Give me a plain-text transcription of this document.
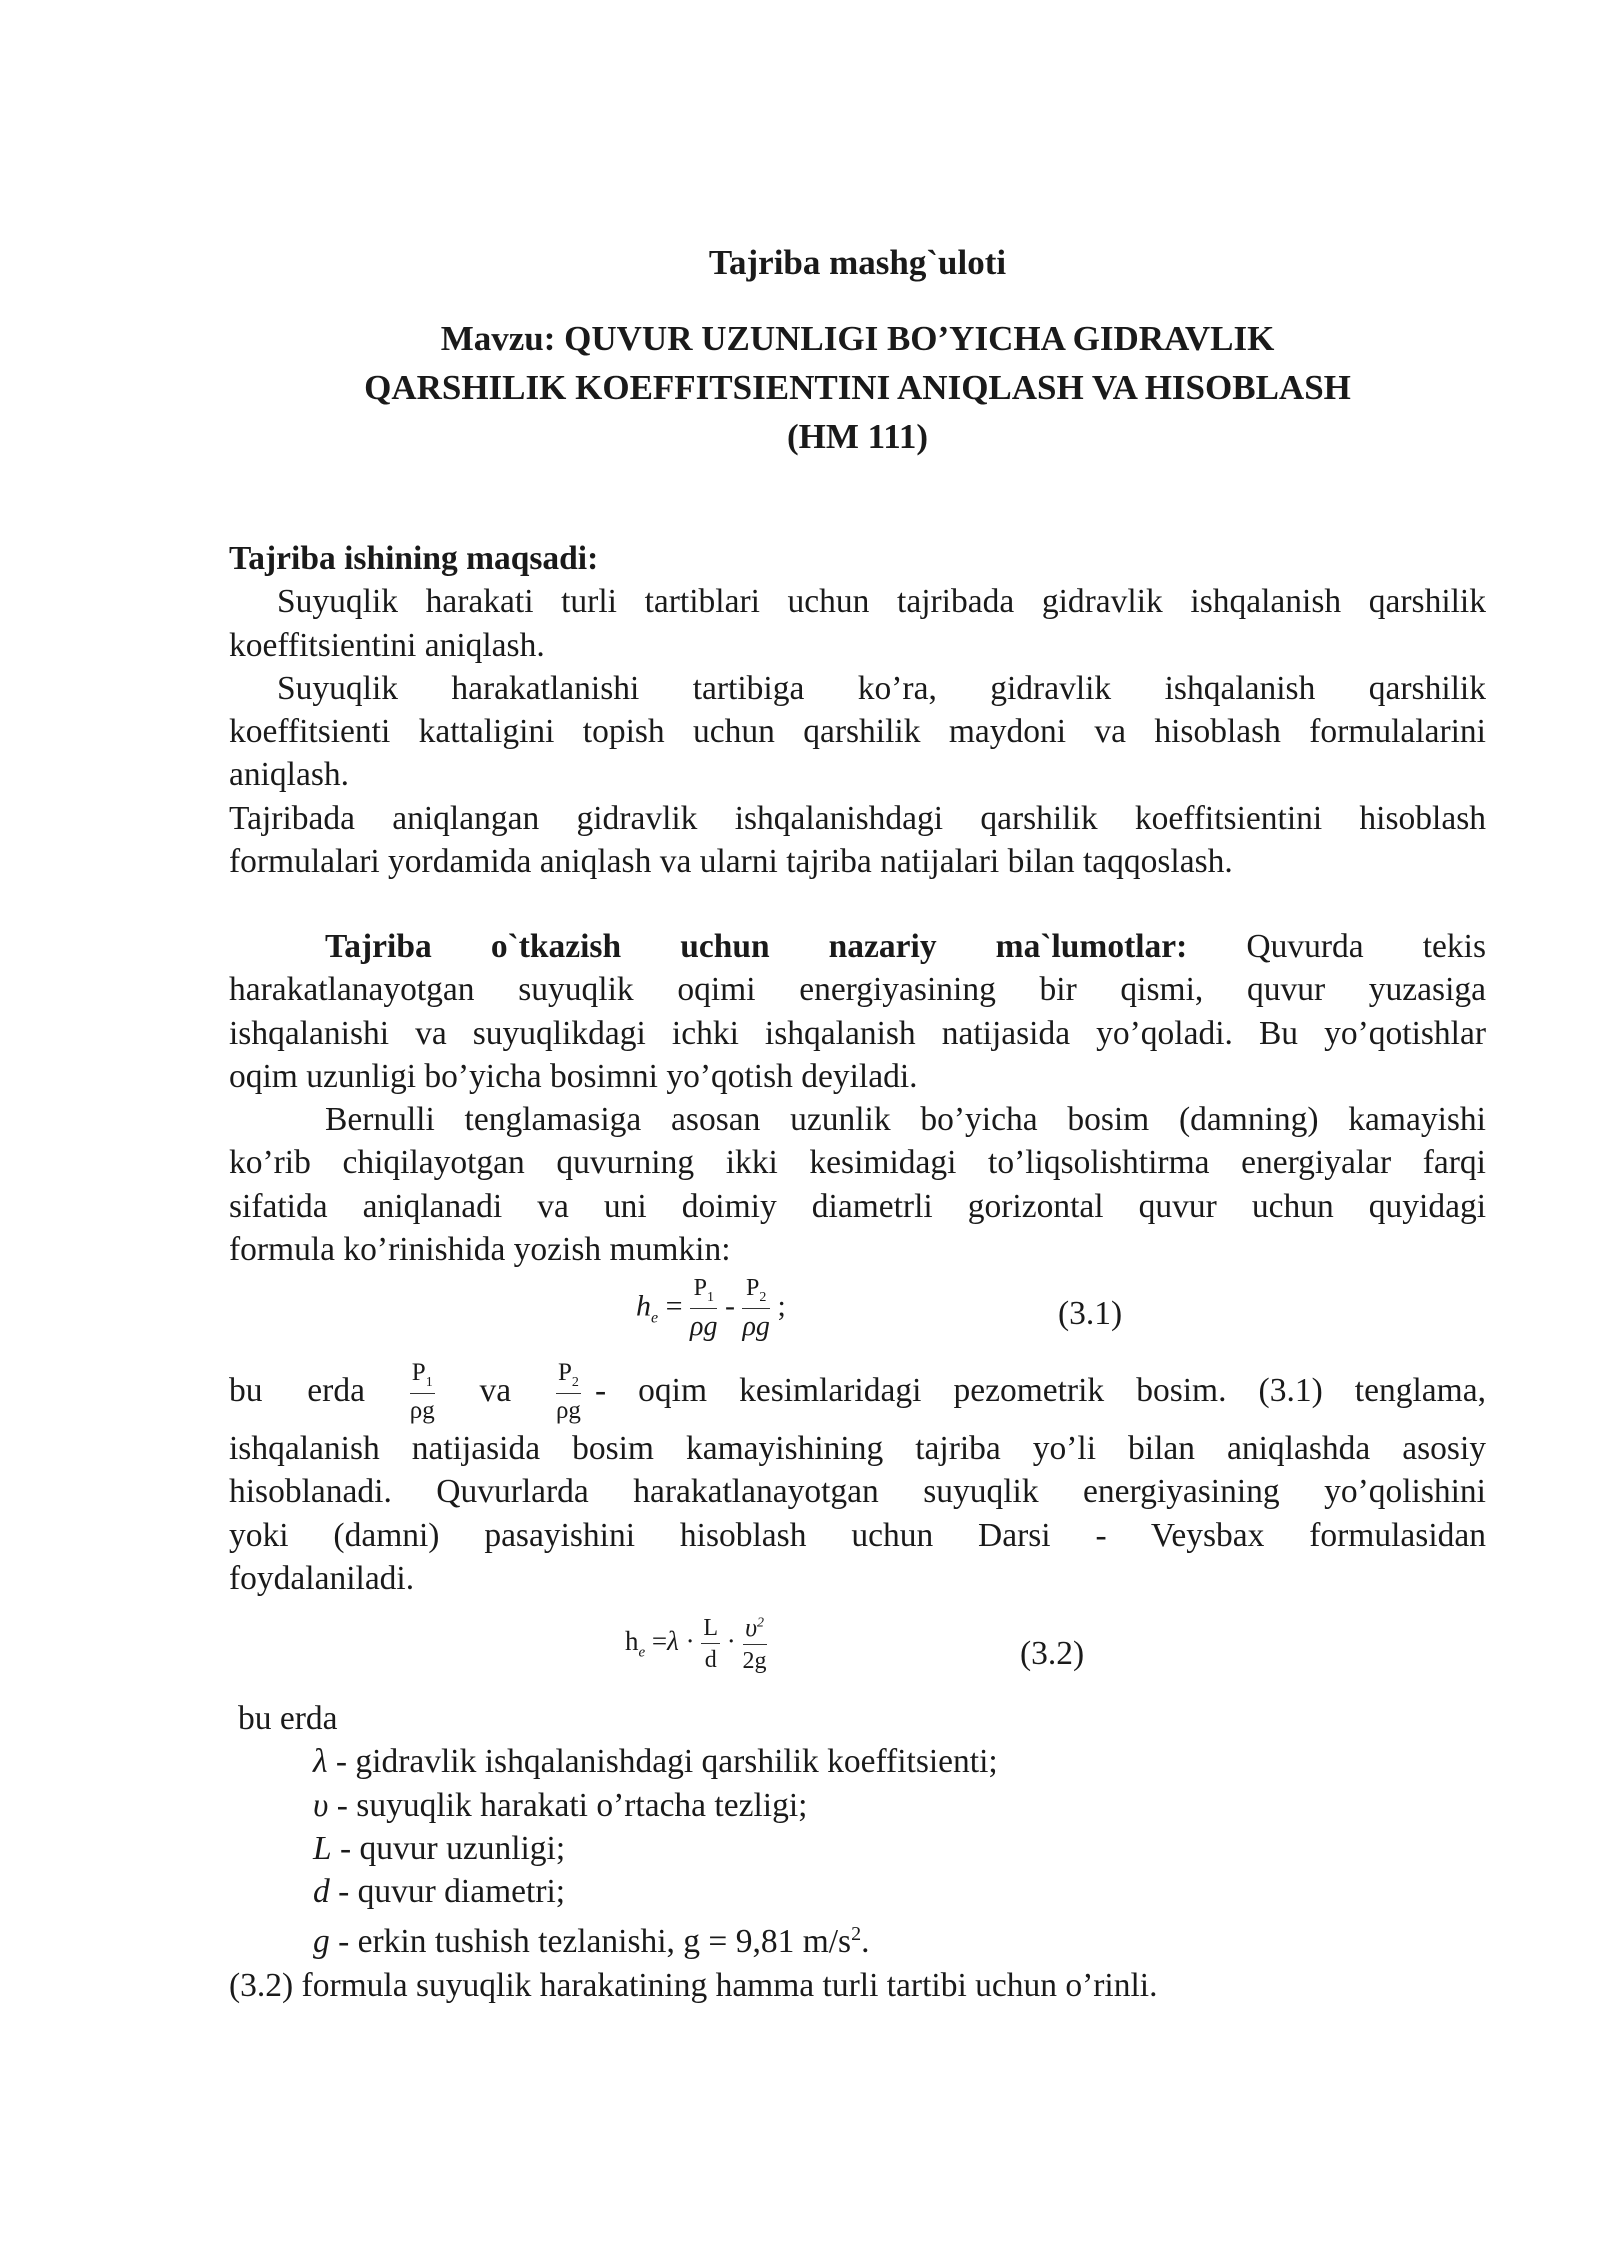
Tajriba mashg`uloti
Mavzu: QUVUR UZUNLIGI BO’YICHA GIDRAVLIK
QARSHILIK KOEFFITSIENTINI ANIQLASH VA HISOBLASH
(HM 111)
Tajriba ishining maqsadi:
Suyuqlik harakati turli tartiblari uchun tajribada gidravlik ishqalanish qarshilik
koeffitsientini aniqlash.
Suyuqlik harakatlanishi tartibiga ko’ra, gidravlik ishqalanish qarshilik
koeffitsienti kattaligini topish uchun qarshilik maydoni va hisoblash formulalarini
aniqlash.
Tajribada aniqlangan gidravlik ishqalanishdagi qarshilik koeffitsientini hisoblash
formulalari yordamida aniqlash va ularni tajriba natijalari bilan taqqoslash.
Tajriba o`tkazish uchun nazariy ma`lumotlar: Quvurda tekis
harakatlanayotgan suyuqlik oqimi energiyasining bir qismi, quvur yuzasiga
ishqalanishi va suyuqlikdagi ichki ishqalanish natijasida yo’qoladi. Bu yo’qotishlar
oqim uzunligi bo’yicha bosimni yo’qotish deyiladi.
Bernulli tenglamasiga asosan uzunlik bo’yicha bosim (damning) kamayishi
ko’rib chiqilayotgan quvurning ikki kesimidagi to’liqsolishtirma energiyalar farqi
sifatida aniqlanadi va uni doimiy diametrli gorizontal quvur uchun quyidagi
formula ko’rinishida yozish mumkin:
$h_e = \frac{P_1}{\rho g} - \frac{P_2}{\rho g}$ ;	(3.1)
bu erda $\frac{P_1}{\rho g}$ va $\frac{P_2}{\rho g}$ - oqim kesimlaridagi pezometrik bosim. (3.1) tenglama,
ishqalanish natijasida bosim kamayishining tajriba yo’li bilan aniqlashda asosiy
hisoblanadi. Quvurlarda harakatlanayotgan suyuqlik energiyasining yo’qolishini
yoki (damni) pasayishini hisoblash uchun Darsi - Veysbax formulasidan
foydalaniladi.
$h_e =\lambda \cdot \frac{L}{d} \cdot \frac{\upsilon^2}{2g}$	(3.2)
bu erda
λ - gidravlik ishqalanishdagi qarshilik koeffitsienti;
υ - suyuqlik harakati o’rtacha tezligi;
L - quvur uzunligi;
d - quvur diametri;
g - erkin tushish tezlanishi, g = 9,81 $m/s^2$.
(3.2) formula suyuqlik harakatining hamma turli tartibi uchun o’rinli.
